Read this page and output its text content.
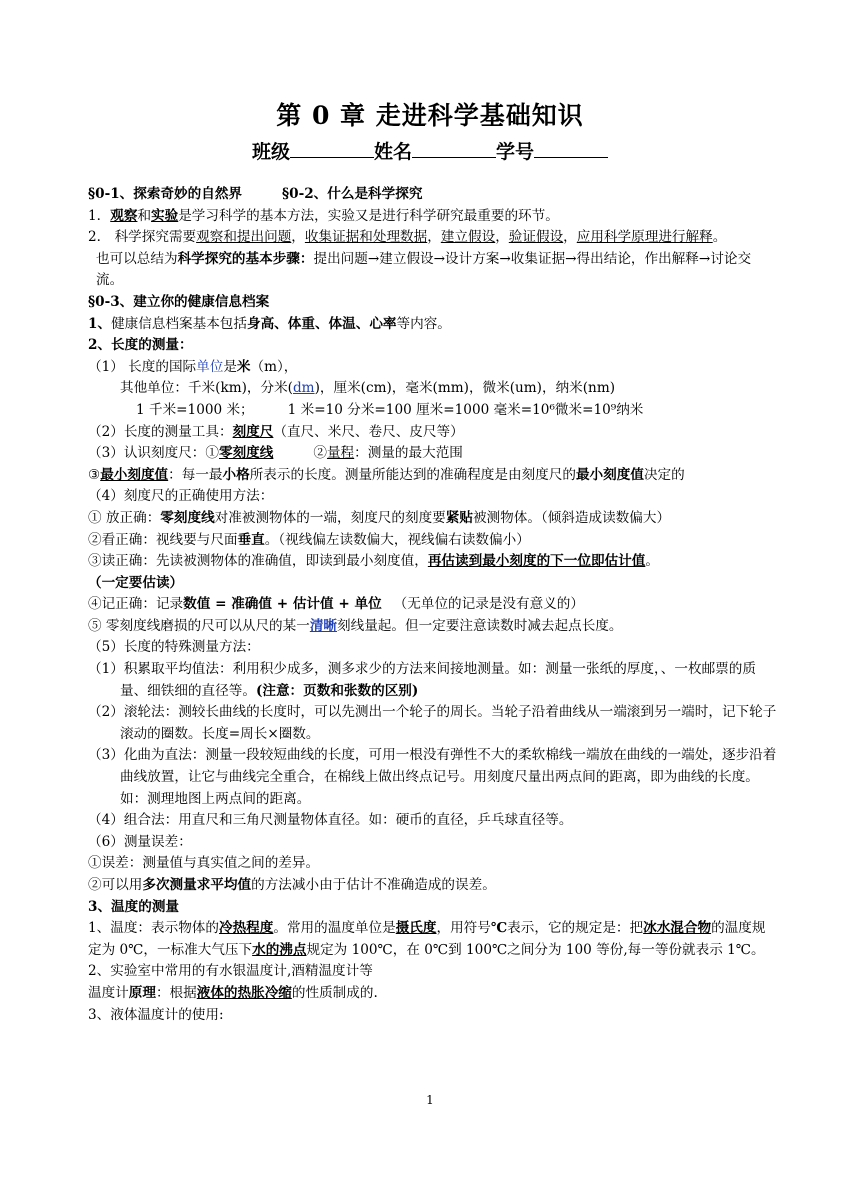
第 0 章 走进科学基础知识
班级	姓名	学号
§0-1、探索奇妙的自然界	§0-2、什么是科学探究
1．观察和实验是学习科学的基本方法，实验又是进行科学研究最重要的环节。
2． 科学探究需要观察和提出问题，收集证据和处理数据，建立假设，验证假设，应用科学原理进行解释。
也可以总结为科学探究的基本步骤：提出问题→建立假设→设计方案→收集证据→得出结论，作出解释→讨论交流。
§0-3、建立你的健康信息档案
1、健康信息档案基本包括身高、体重、体温、心率等内容。
2、长度的测量：
（1） 长度的国际单位是米（m），
其他单位：千米(km)，分米(dm)，厘米(cm)，毫米(mm)，微米(um)，纳米(nm)
1 千米=1000 米；	1 米=10 分米=100 厘米=1000 毫米=10⁶微米=10⁹纳米
（2）长度的测量工具：刻度尺（直尺、米尺、卷尺、皮尺等）
（3）认识刻度尺：①零刻度线	②量程：测量的最大范围
③最小刻度值：每一最小格所表示的长度。测量所能达到的准确程度是由刻度尺的最小刻度值决定的
（4）刻度尺的正确使用方法：
① 放正确：零刻度线对准被测物体的一端，刻度尺的刻度要紧贴被测物体。（倾斜造成读数偏大）
②看正确：视线要与尺面垂直。（视线偏左读数偏大，视线偏右读数偏小）
③读正确：先读被测物体的准确值，即读到最小刻度值，再估读到最小刻度的下一位即估计值。
（一定要估读）
④记正确：记录数值 = 准确值 + 估计值 + 单位 （无单位的记录是没有意义的）
⑤ 零刻度线磨损的尺可以从尺的某一清晰刻线量起。但一定要注意读数时减去起点长度。
（5）长度的特殊测量方法：
（1）积累取平均值法：利用积少成多，测多求少的方法来间接地测量。如：测量一张纸的厚度，、一枚邮票的质量、细铁细的直径等。(注意：页数和张数的区别)
（2）滚轮法：测较长曲线的长度时，可以先测出一个轮子的周长。当轮子沿着曲线从一端滚到另一端时，记下轮子滚动的圈数。长度=周长×圈数。
（3）化曲为直法：测量一段较短曲线的长度，可用一根没有弹性不大的柔软棉线一端放在曲线的一端处，逐步沿着曲线放置，让它与曲线完全重合，在棉线上做出终点记号。用刻度尺量出两点间的距离，即为曲线的长度。如：测理地图上两点间的距离。
（4）组合法：用直尺和三角尺测量物体直径。如：硬币的直径，乒乓球直径等。
（6）测量误差：
①误差：测量值与真实值之间的差异。
②可以用多次测量求平均值的方法减小由于估计不准确造成的误差。
3、温度的测量
1、温度：表示物体的冷热程度。常用的温度单位是摄氏度，用符号℃表示，它的规定是：把冰水混合物的温度规定为 0℃，一标准大气压下水的沸点规定为 100℃，在 0℃到 100℃之间分为 100 等份,每一等份就表示 1℃。
2、实验室中常用的有水银温度计,酒精温度计等
温度计原理：根据液体的热胀冷缩的性质制成的.
3、液体温度计的使用:
1
